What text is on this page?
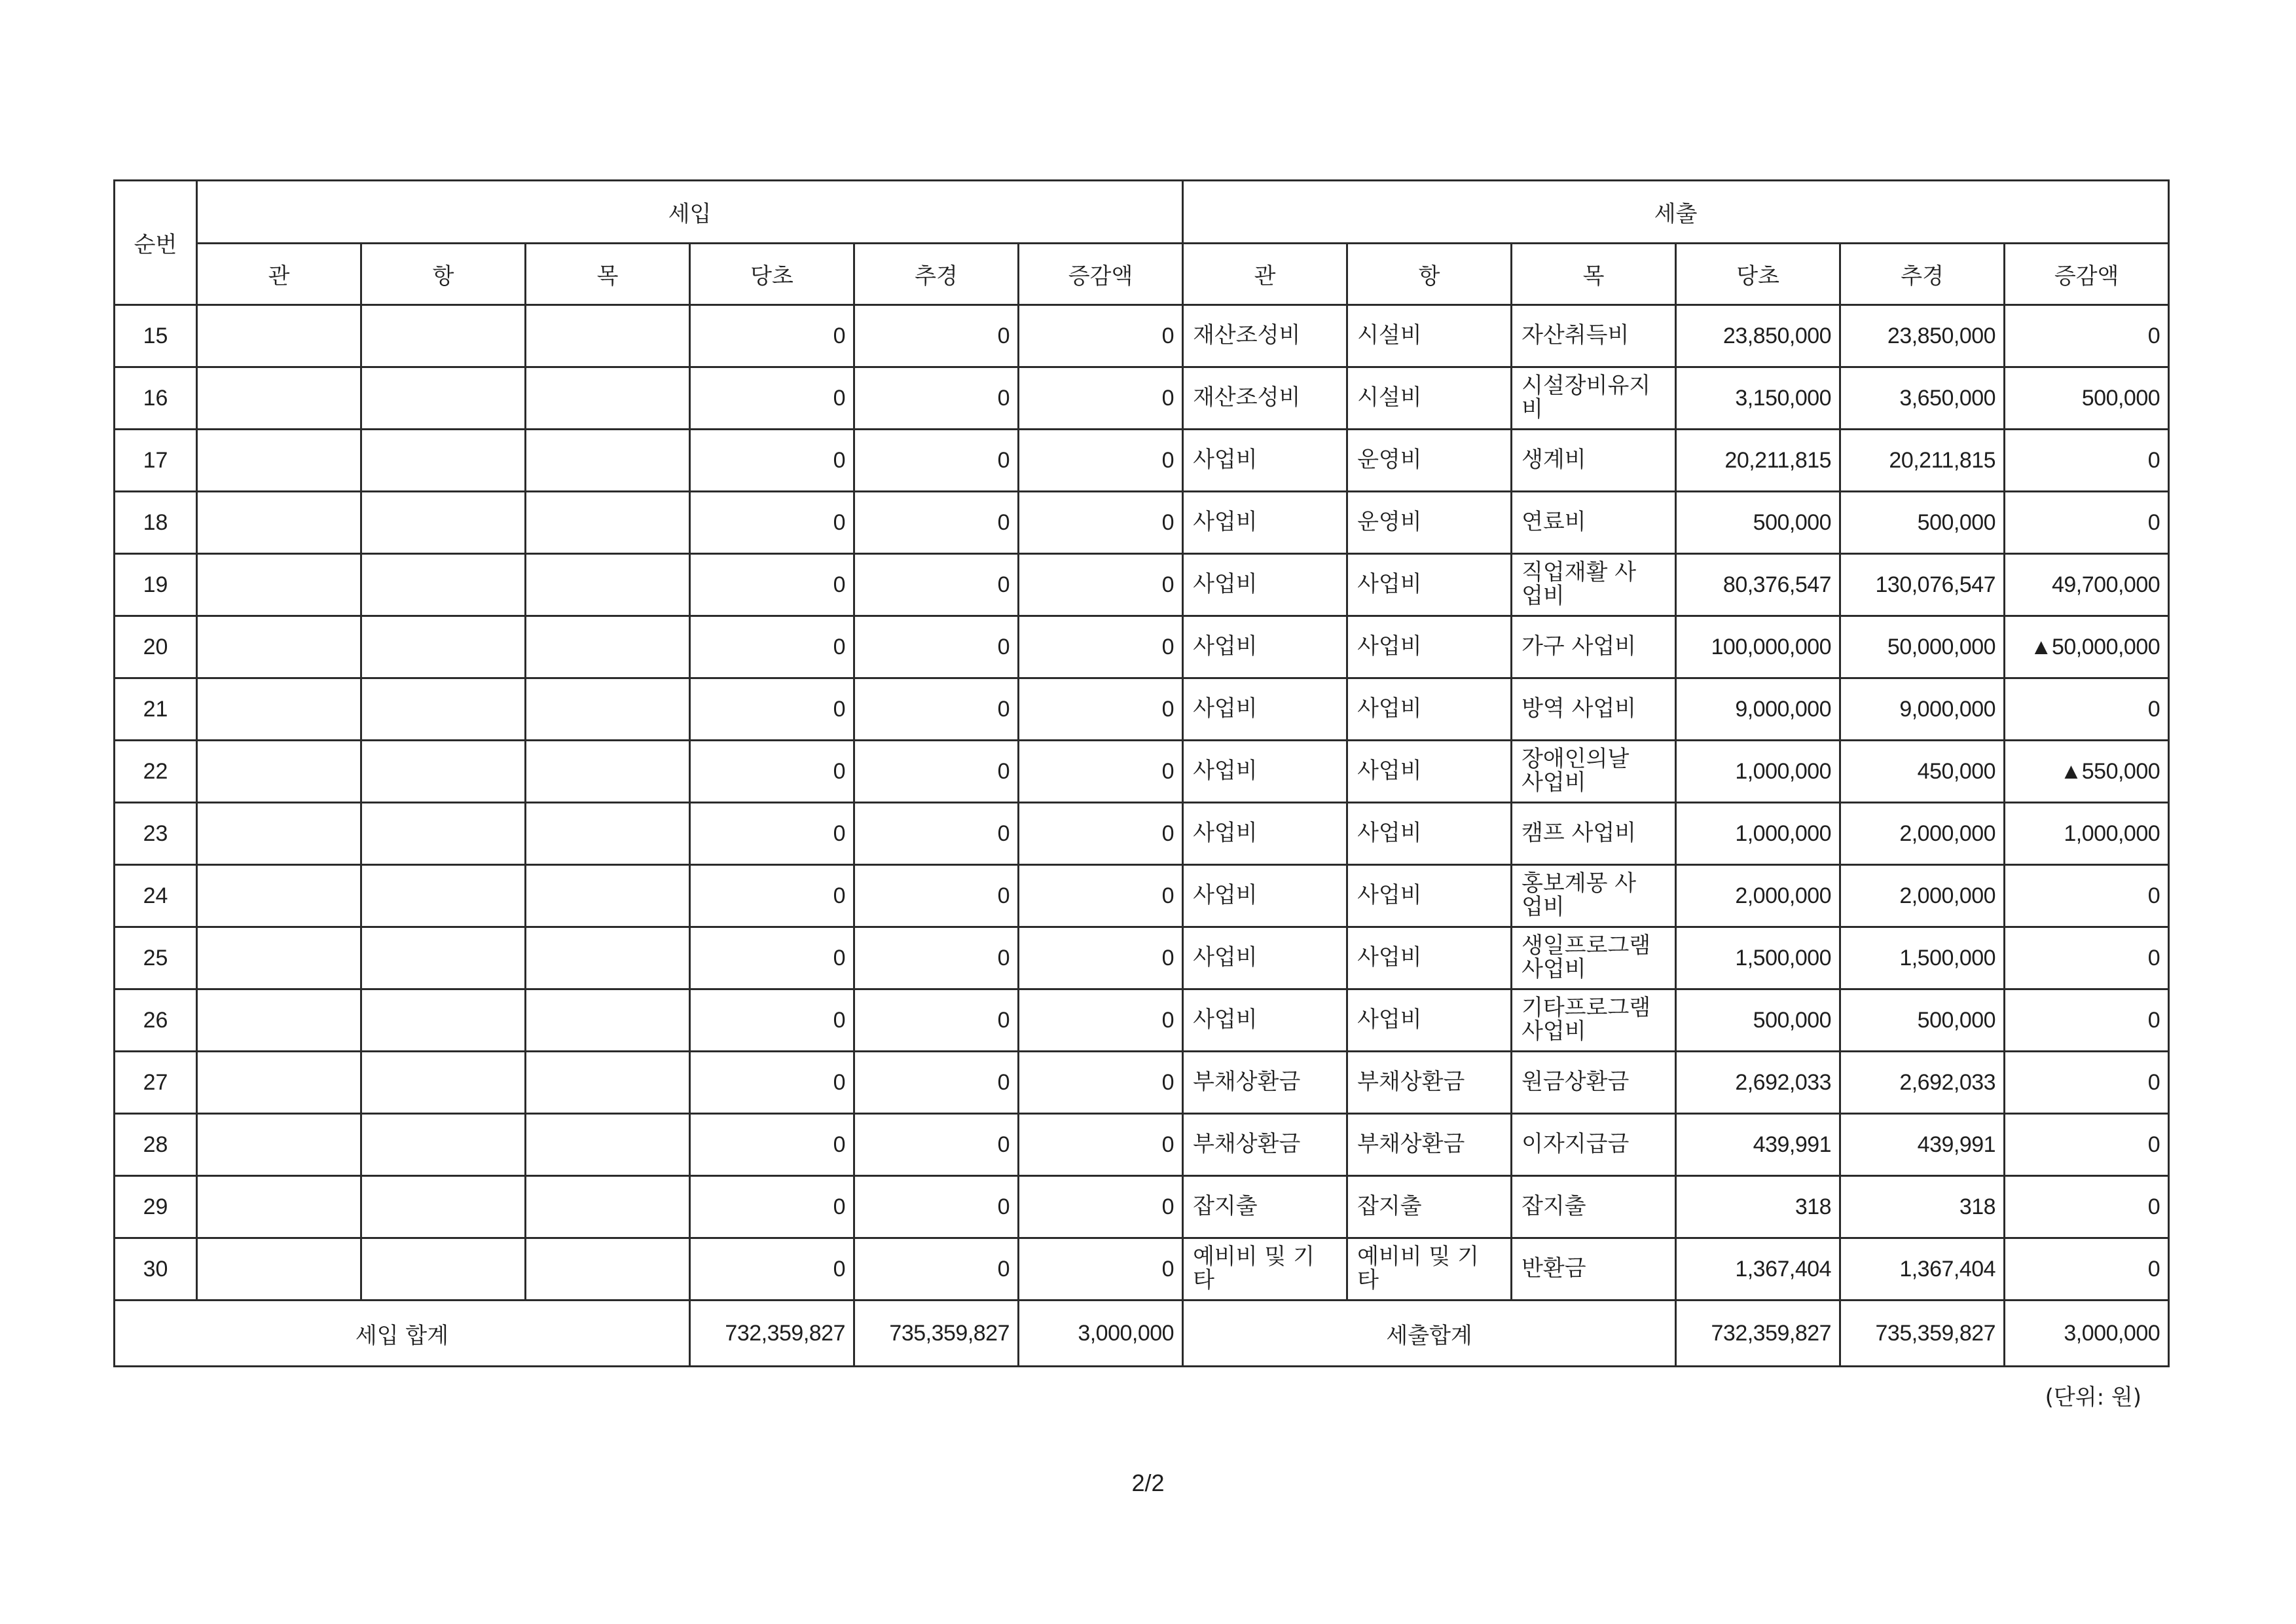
순번	세입						세출					
	관	항	목	당초	추경	증감액	관	항	목	당초	추경	증감액
15				0	0	0	재산조성비	시설비	자산취득비	23,850,000	23,850,000	0
16				0	0	0	재산조성비	시설비	시설장비유지비	3,150,000	3,650,000	500,000
17				0	0	0	사업비	운영비	생계비	20,211,815	20,211,815	0
18				0	0	0	사업비	운영비	연료비	500,000	500,000	0
19				0	0	0	사업비	사업비	직업재활 사업비	80,376,547	130,076,547	49,700,000
20				0	0	0	사업비	사업비	가구 사업비	100,000,000	50,000,000	▲50,000,000
21				0	0	0	사업비	사업비	방역 사업비	9,000,000	9,000,000	0
22				0	0	0	사업비	사업비	장애인의날 사업비	1,000,000	450,000	▲550,000
23				0	0	0	사업비	사업비	캠프 사업비	1,000,000	2,000,000	1,000,000
24				0	0	0	사업비	사업비	홍보계몽 사업비	2,000,000	2,000,000	0
25				0	0	0	사업비	사업비	생일프로그램 사업비	1,500,000	1,500,000	0
26				0	0	0	사업비	사업비	기타프로그램 사업비	500,000	500,000	0
27				0	0	0	부채상환금	부채상환금	원금상환금	2,692,033	2,692,033	0
28				0	0	0	부채상환금	부채상환금	이자지급금	439,991	439,991	0
29				0	0	0	잡지출	잡지출	잡지출	318	318	0
30				0	0	0	예비비 및 기타	예비비 및 기타	반환금	1,367,404	1,367,404	0
세입 합계				732,359,827	735,359,827	3,000,000	세출합계			732,359,827	735,359,827	3,000,000
(단위: 원)
2/2
